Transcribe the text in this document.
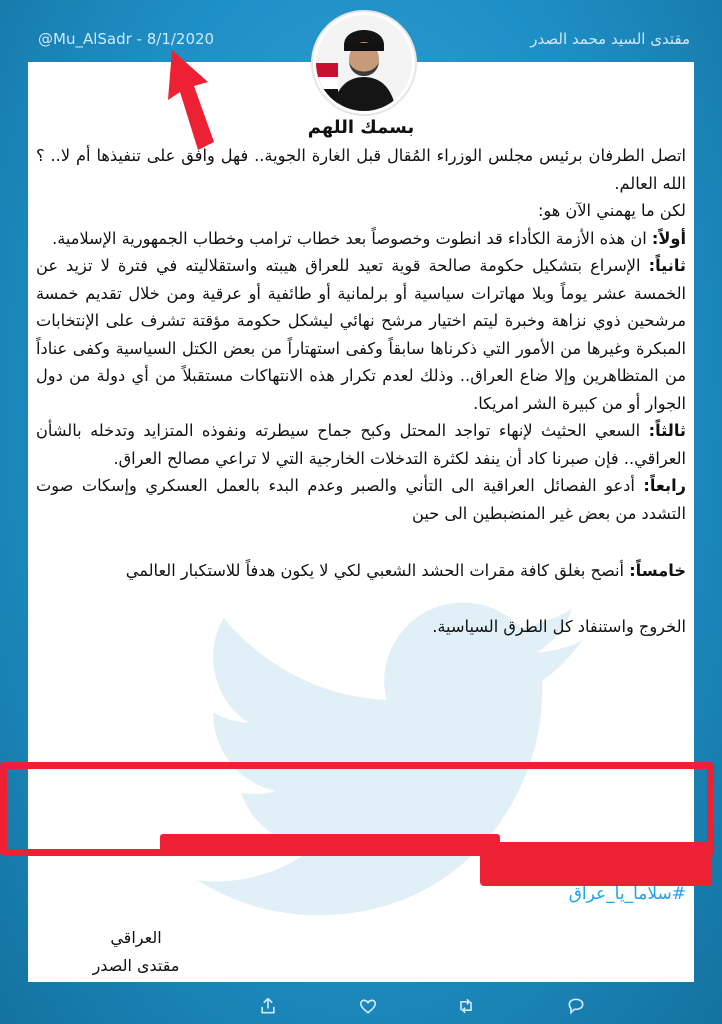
@Mu_AlSadr - 8/1/2020	مقتدى السيد محمد الصدر
بسمك اللهم

اتصل الطرفان برئيس مجلس الوزراء المُقال قبل الغارة الجوية.. فهل وافق على تنفيذها أم لا.. ؟ الله العالم.

لكن ما يهمني الآن هو:

أولاً: ان هذه الأزمة الكأداء قد انطوت وخصوصاً بعد خطاب ترامب وخطاب الجمهورية الإسلامية.

ثانياً: الإسراع بتشكيل حكومة صالحة قوية تعيد للعراق هيبته واستقلاليته في فترة لا تزيد عن الخمسة عشر يوماً وبلا مهاترات سياسية أو برلمانية أو طائفية أو عرقية ومن خلال تقديم خمسة مرشحين ذوي نزاهة وخبرة ليتم اختيار مرشح نهائي ليشكل حكومة مؤقتة تشرف على الإنتخابات المبكرة وغيرها من الأمور التي ذكرناها سابقاً وكفى استهتاراً من بعض الكتل السياسية وكفى عناداً من المتظاهرين وإلا ضاع العراق.. وذلك لعدم تكرار هذه الانتهاكات مستقبلاً من أي دولة من دول الجوار أو من كبيرة الشر امريكا.

ثالثاً: السعي الحثيث لإنهاء تواجد المحتل وكبح جماح سيطرته ونفوذه المتزايد وتدخله بالشأن العراقي.. فإن صبرنا كاد أن ينفد لكثرة التدخلات الخارجية التي لا تراعي مصالح العراق.

رابعاً: أدعو الفصائل العراقية الى التأني والصبر وعدم البدء بالعمل العسكري وإسكات صوت التشدد من بعض غير المنضبطين الى حين

خامساً: أنصح بغلق كافة مقرات الحشد الشعبي لكي لا يكون هدفاً للاستكبار العالمي

الخروج واستنفاد كل الطرق السياسية.

#سلاما_يا_عراق
العراقي
مقتدى الصدر
